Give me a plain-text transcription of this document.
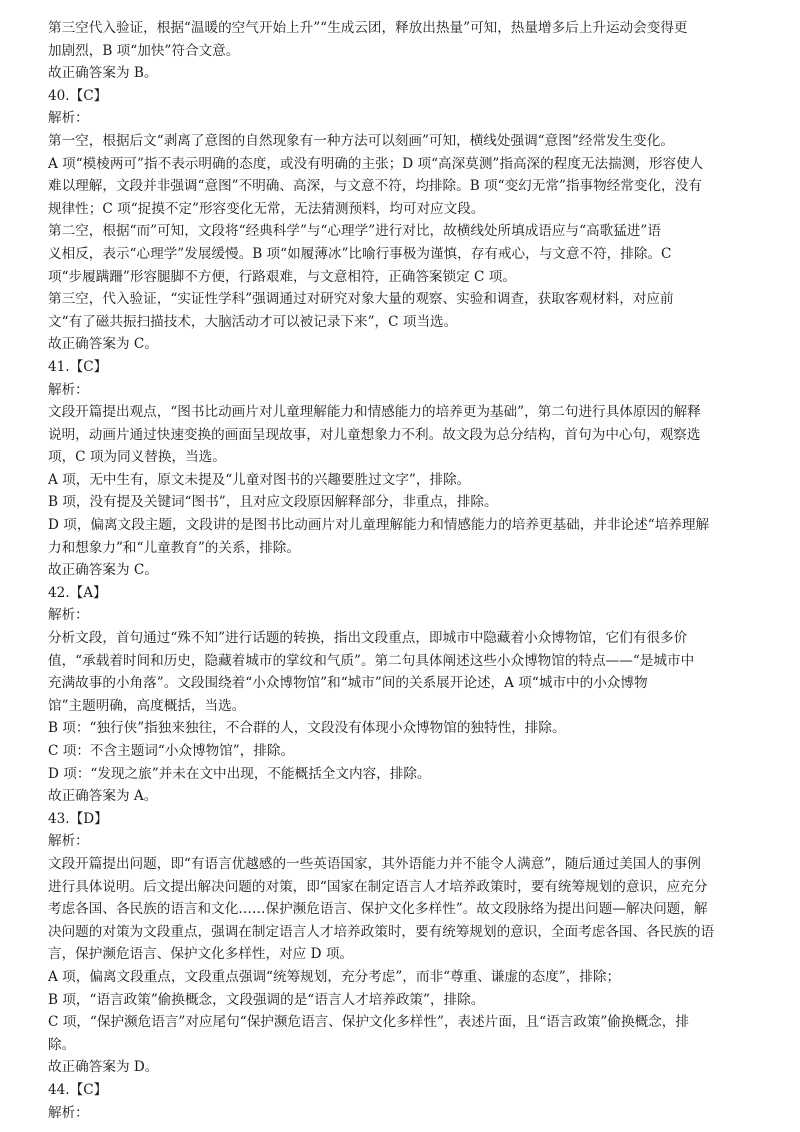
第三空代入验证，根据“温暖的空气开始上升”“生成云团，释放出热量”可知，热量增多后上升运动会变得更
加剧烈，B 项“加快”符合文意。
故正确答案为 B。
40.【C】
解析：
第一空，根据后文“剥离了意图的自然现象有一种方法可以刻画”可知，横线处强调“意图”经常发生变化。
A 项“模棱两可”指不表示明确的态度，或没有明确的主张；D 项“高深莫测”指高深的程度无法揣测，形容使人
难以理解，文段并非强调“意图”不明确、高深，与文意不符，均排除。B 项“变幻无常”指事物经常变化，没有
规律性；C 项“捉摸不定”形容变化无常，无法猜测预料，均可对应文段。
第二空，根据“而”可知，文段将“经典科学”与“心理学”进行对比，故横线处所填成语应与“高歌猛进”语
义相反，表示“心理学”发展缓慢。B 项“如履薄冰”比喻行事极为谨慎，存有戒心，与文意不符，排除。C
项“步履蹒跚”形容腿脚不方便，行路艰难，与文意相符，正确答案锁定 C 项。
第三空，代入验证，“实证性学科”强调通过对研究对象大量的观察、实验和调查，获取客观材料，对应前
文“有了磁共振扫描技术，大脑活动才可以被记录下来”，C 项当选。
故正确答案为 C。
41.【C】
解析：
文段开篇提出观点，“图书比动画片对儿童理解能力和情感能力的培养更为基础”，第二句进行具体原因的解释
说明，动画片通过快速变换的画面呈现故事，对儿童想象力不利。故文段为总分结构，首句为中心句，观察选
项，C 项为同义替换，当选。
A 项，无中生有，原文未提及“儿童对图书的兴趣要胜过文字”，排除。
B 项，没有提及关键词“图书”，且对应文段原因解释部分，非重点，排除。
D 项，偏离文段主题，文段讲的是图书比动画片对儿童理解能力和情感能力的培养更基础，并非论述“培养理解
力和想象力”和“儿童教育”的关系，排除。
故正确答案为 C。
42.【A】
解析：
分析文段，首句通过“殊不知”进行话题的转换，指出文段重点，即城市中隐藏着小众博物馆，它们有很多价
值，“承载着时间和历史，隐藏着城市的掌纹和气质”。第二句具体阐述这些小众博物馆的特点——“是城市中
充满故事的小角落”。文段围绕着“小众博物馆”和“城市”间的关系展开论述，A 项“城市中的小众博物
馆”主题明确，高度概括，当选。
B 项：“独行侠”指独来独往，不合群的人，文段没有体现小众博物馆的独特性，排除。
C 项：不含主题词“小众博物馆”，排除。
D 项：“发现之旅”并未在文中出现，不能概括全文内容，排除。
故正确答案为 A。
43.【D】
解析：
文段开篇提出问题，即“有语言优越感的一些英语国家，其外语能力并不能令人满意”，随后通过美国人的事例
进行具体说明。后文提出解决问题的对策，即“国家在制定语言人才培养政策时，要有统筹规划的意识，应充分
考虑各国、各民族的语言和文化……保护濒危语言、保护文化多样性”。故文段脉络为提出问题—解决问题，解
决问题的对策为文段重点，强调在制定语言人才培养政策时，要有统筹规划的意识，全面考虑各国、各民族的语
言，保护濒危语言、保护文化多样性，对应 D 项。
A 项，偏离文段重点，文段重点强调“统筹规划，充分考虑”，而非“尊重、谦虚的态度”，排除；
B 项，“语言政策”偷换概念，文段强调的是“语言人才培养政策”，排除。
C 项，“保护濒危语言”对应尾句“保护濒危语言、保护文化多样性”，表述片面，且“语言政策”偷换概念，排
除。
故正确答案为 D。
44.【C】
解析：
